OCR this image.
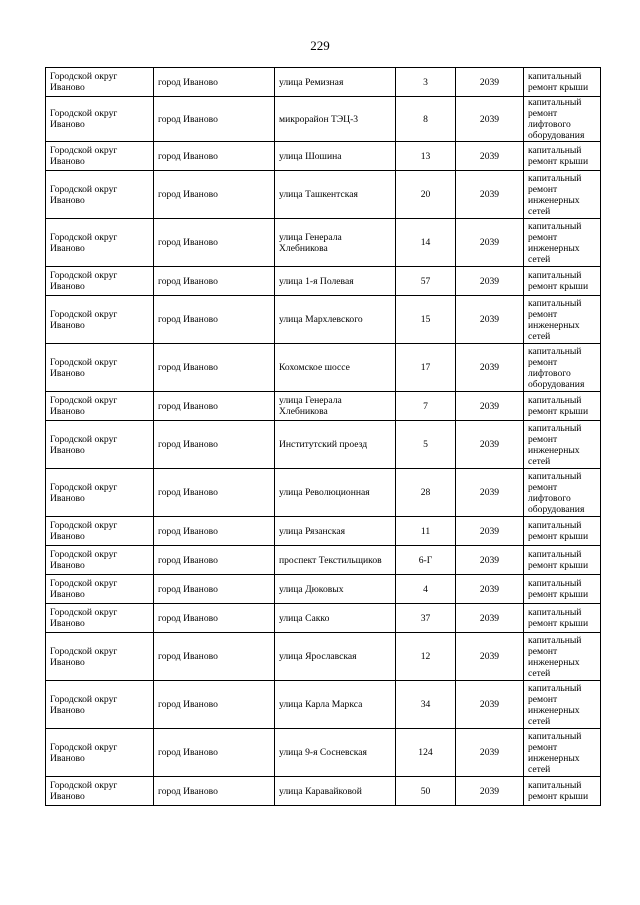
229
Городской округ Иваново	город Иваново	улица Ремизная	3	2039	капитальный ремонт крыши
Городской округ Иваново	город Иваново	микрорайон ТЭЦ-3	8	2039	капитальный ремонт лифтового оборудования
Городской округ Иваново	город Иваново	улица Шошина	13	2039	капитальный ремонт крыши
Городской округ Иваново	город Иваново	улица Ташкентская	20	2039	капитальный ремонт инженерных сетей
Городской округ Иваново	город Иваново	улица Генерала Хлебникова	14	2039	капитальный ремонт инженерных сетей
Городской округ Иваново	город Иваново	улица 1-я Полевая	57	2039	капитальный ремонт крыши
Городской округ Иваново	город Иваново	улица Мархлевского	15	2039	капитальный ремонт инженерных сетей
Городской округ Иваново	город Иваново	Кохомское шоссе	17	2039	капитальный ремонт лифтового оборудования
Городской округ Иваново	город Иваново	улица Генерала Хлебникова	7	2039	капитальный ремонт крыши
Городской округ Иваново	город Иваново	Институтский проезд	5	2039	капитальный ремонт инженерных сетей
Городской округ Иваново	город Иваново	улица Революционная	28	2039	капитальный ремонт лифтового оборудования
Городской округ Иваново	город Иваново	улица Рязанская	11	2039	капитальный ремонт крыши
Городской округ Иваново	город Иваново	проспект Текстильщиков	6-Г	2039	капитальный ремонт крыши
Городской округ Иваново	город Иваново	улица Дюковых	4	2039	капитальный ремонт крыши
Городской округ Иваново	город Иваново	улица Сакко	37	2039	капитальный ремонт крыши
Городской округ Иваново	город Иваново	улица Ярославская	12	2039	капитальный ремонт инженерных сетей
Городской округ Иваново	город Иваново	улица Карла Маркса	34	2039	капитальный ремонт инженерных сетей
Городской округ Иваново	город Иваново	улица 9-я Сосневская	124	2039	капитальный ремонт инженерных сетей
Городской округ Иваново	город Иваново	улица Каравайковой	50	2039	капитальный ремонт крыши
